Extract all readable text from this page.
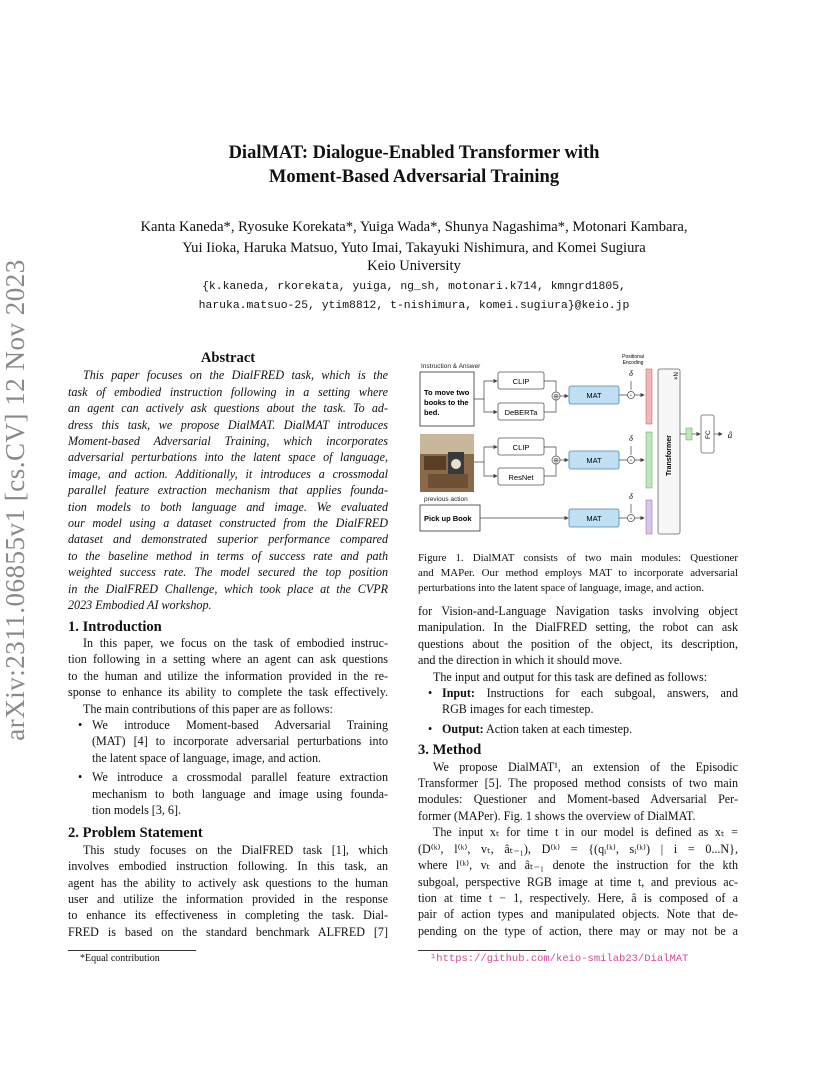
arXiv:2311.06855v1 [cs.CV] 12 Nov 2023
DialMAT: Dialogue-Enabled Transformer with
Moment-Based Adversarial Training
Kanta Kaneda*, Ryosuke Korekata*, Yuiga Wada*, Shunya Nagashima*, Motonari Kambara,
Yui Iioka, Haruka Matsuo, Yuto Imai, Takayuki Nishimura, and Komei Sugiura
Keio University
{k.kaneda, rkorekata, yuiga, ng_sh, motonari.k714, kmngrd1805,
haruka.matsuo-25, ytim8812, t-nishimura, komei.sugiura}@keio.jp
Abstract
This paper focuses on the DialFRED task, which is the
task of embodied instruction following in a setting where
an agent can actively ask questions about the task. To ad-
dress this task, we propose DialMAT. DialMAT introduces
Moment-based Adversarial Training, which incorporates
adversarial perturbations into the latent space of language,
image, and action. Additionally, it introduces a crossmodal
parallel feature extraction mechanism that applies founda-
tion models to both language and image. We evaluated
our model using a dataset constructed from the DialFRED
dataset and demonstrated superior performance compared
to the baseline method in terms of success rate and path
weighted success rate. The model secured the top position
in the DialFRED Challenge, which took place at the CVPR
2023 Embodied AI workshop.
1. Introduction
In this paper, we focus on the task of embodied instruc-
tion following in a setting where an agent can ask questions
to the human and utilize the information provided in the re-
sponse to enhance its ability to complete the task effectively.
The main contributions of this paper are as follows:
• We introduce Moment-based Adversarial Training
(MAT) [4] to incorporate adversarial perturbations into
the latent space of language, image, and action.
• We introduce a crossmodal parallel feature extraction
mechanism to both language and image using founda-
tion models [3, 6].
2. Problem Statement
This study focuses on the DialFRED task [1], which
involves embodied instruction following. In this task, an
agent has the ability to actively ask questions to the human
user and utilize the information provided in the response
to enhance its effectiveness in completing the task. Dial-
FRED is based on the standard benchmark ALFRED [7]
*Equal contribution
Instruction & Answer
To move two
books to the
bed.
previous action
Pick up Book
CLIP
DeBERTa
CLIP
ResNet
⊕
⊕
MAT
MAT
MAT
+
+
+
δ
δ
δ
Positional
Encoding
Transformer
×N
FC â
Figure 1. DialMAT consists of two main modules: Questioner
and MAPer. Our method employs MAT to incorporate adversarial
perturbations into the latent space of language, image, and action.
for Vision-and-Language Navigation tasks involving object
manipulation. In the DialFRED setting, the robot can ask
questions about the position of the object, its description,
and the direction in which it should move.
The input and output for this task are defined as follows:
• Input: Instructions for each subgoal, answers, and
RGB images for each timestep.
• Output: Action taken at each timestep.
3. Method
We propose DialMAT¹, an extension of the Episodic
Transformer [5]. The proposed method consists of two main
modules: Questioner and Moment-based Adversarial Per-
former (MAPer). Fig. 1 shows the overview of DialMAT.
The input xₜ for time t in our model is defined as xₜ =
(D⁽ᵏ⁾, l⁽ᵏ⁾, vₜ, âₜ₋₁), D⁽ᵏ⁾ = {(qᵢ⁽ᵏ⁾, sᵢ⁽ᵏ⁾) | i = 0...N},
where l⁽ᵏ⁾, vₜ and âₜ₋₁ denote the instruction for the kth
subgoal, perspective RGB image at time t, and previous ac-
tion at time t − 1, respectively. Here, â is composed of a
pair of action types and manipulated objects. Note that de-
pending on the type of action, there may or may not be a
¹https://github.com/keio-smilab23/DialMAT
